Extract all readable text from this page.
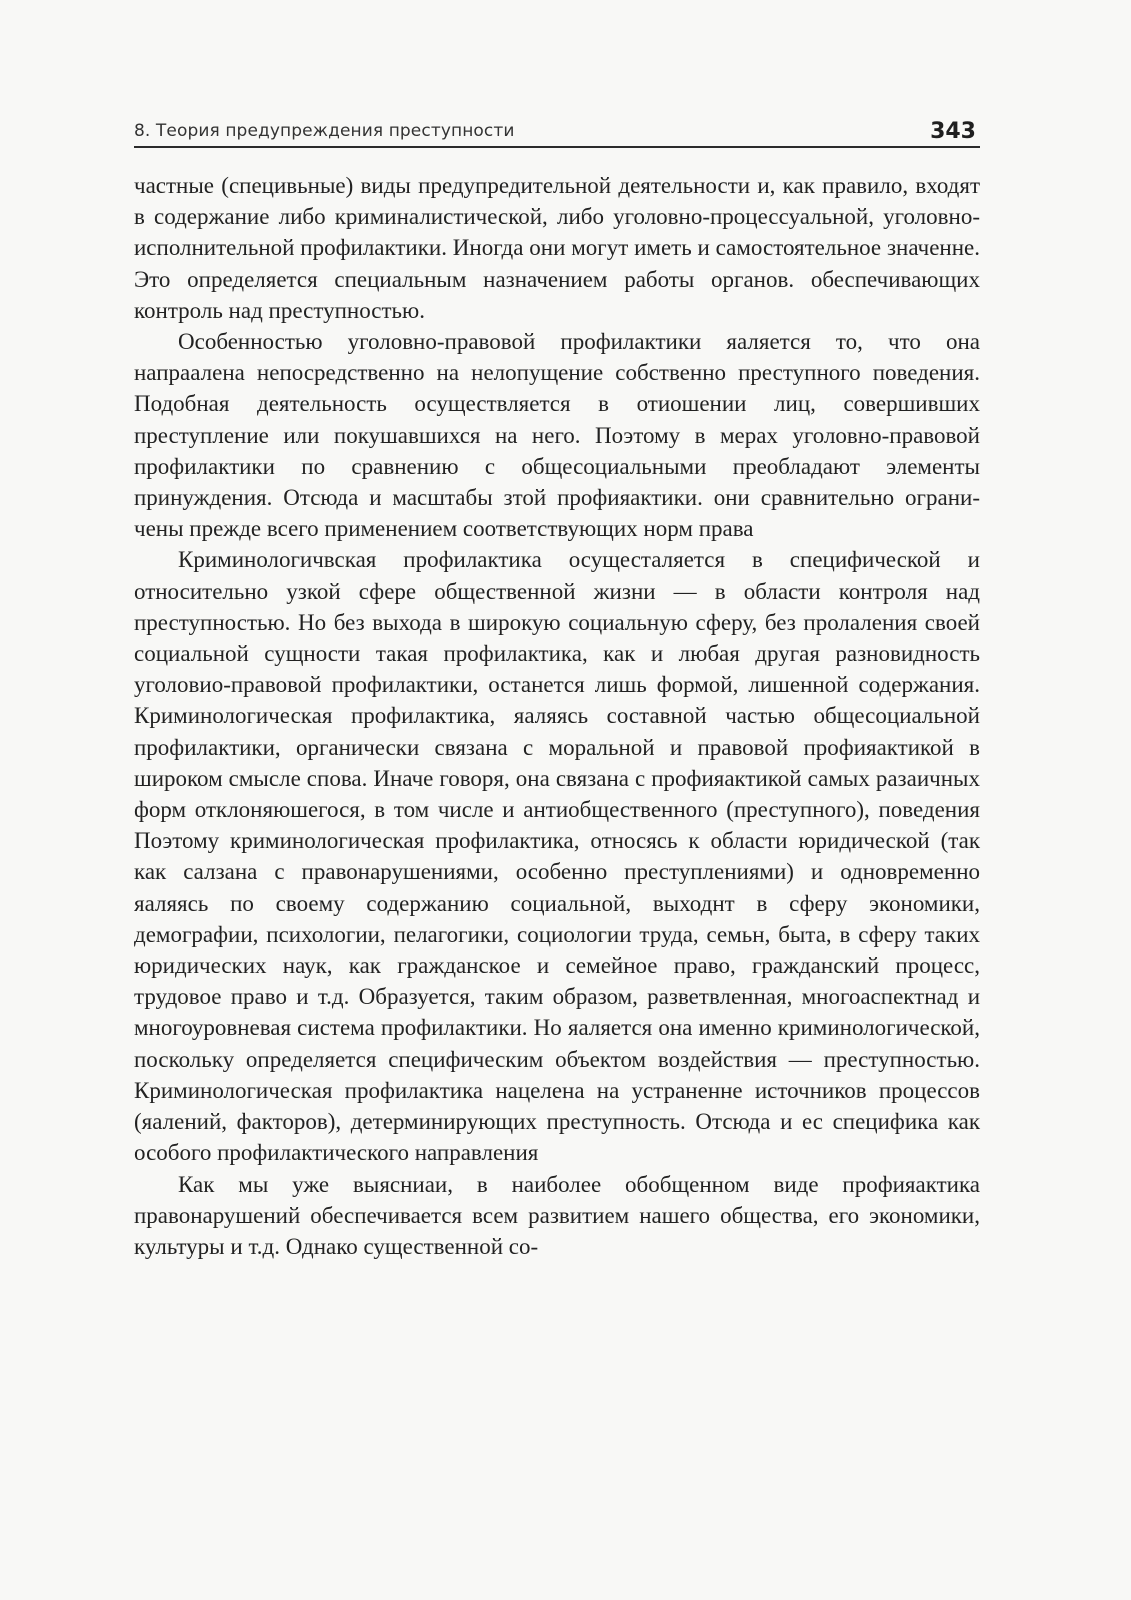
8. Теория предупреждения преступности	343

частные (специвьные) виды предупредительной деятельности и, как правило, входят в содержание либо криминалистической, либо уголовно-процессуальной, уголовно-исполнительной профилактики. Иногда они могут иметь и самостоятельное значенне. Это определяется специальным назначением работы органов. обеспечивающих контроль над преступностью.

Особенностью уголовно-правовой профилактики яаляется то, что она напраалена непосредственно на нелопущение собственно преступного поведения. Подобная деятельность осуществляется в отиошении лиц, совершивших преступление или покушавшихся на него. Поэтому в мерах уголовно-правовой профилактики по сравнению с общесоциальными преобладают элементы принуждения. Отсюда и масштабы зтой профияактики. они сравнительно ограничены прежде всего применением соответствующих норм права

Криминологичвская профилактика осущесталяется в специфической и относительно узкой сфере общественной жизни — в области контроля над преступностью. Но без выхода в широкую социальную сферу, без пролаления своей социальной сущности такая профилактика, как и любая другая разновидность уголовио-правовой профилактики, останется лишь формой, лишенной содержания. Криминологическая профилактика, яаляясь составной частью общесоциальной профилактики, органически связана с моральной и правовой профияактикой в широком смысле спова. Иначе говоря, она связана с профияактикой самых разаичных форм отклоняюшегося, в том числе и антиобщественного (преступного), поведения Поэтому криминологическая профилактика, относясь к области юридической (так как салзана с правонарушениями, особенно преступлениями) и одновременно яаляясь по своему содержанию социальной, выходнт в сферу экономики, демографии, психологии, пелагогики, социологии труда, семьн, быта, в сферу таких юридических наук, как гражданское и семейное право, гражданский процесс, трудовое право и т.д. Образуется, таким образом, разветвленная, многоаспектнад и многоуровневая система профилактики. Но яаляется она именно криминологической, поскольку определяется специфическим объектом воздействия — преступностью. Криминологическая профилактика нацелена на устраненне источников процессов (яалений, факторов), детерминирующих преступность. Отсюда и ес специфика как особого профилактического направления

Как мы уже выясниаи, в наиболее обобщенном виде профияактика правонарушений обеспечивается всем развитием нашего общества, его экономики, культуры и т.д. Однако существенной со-
